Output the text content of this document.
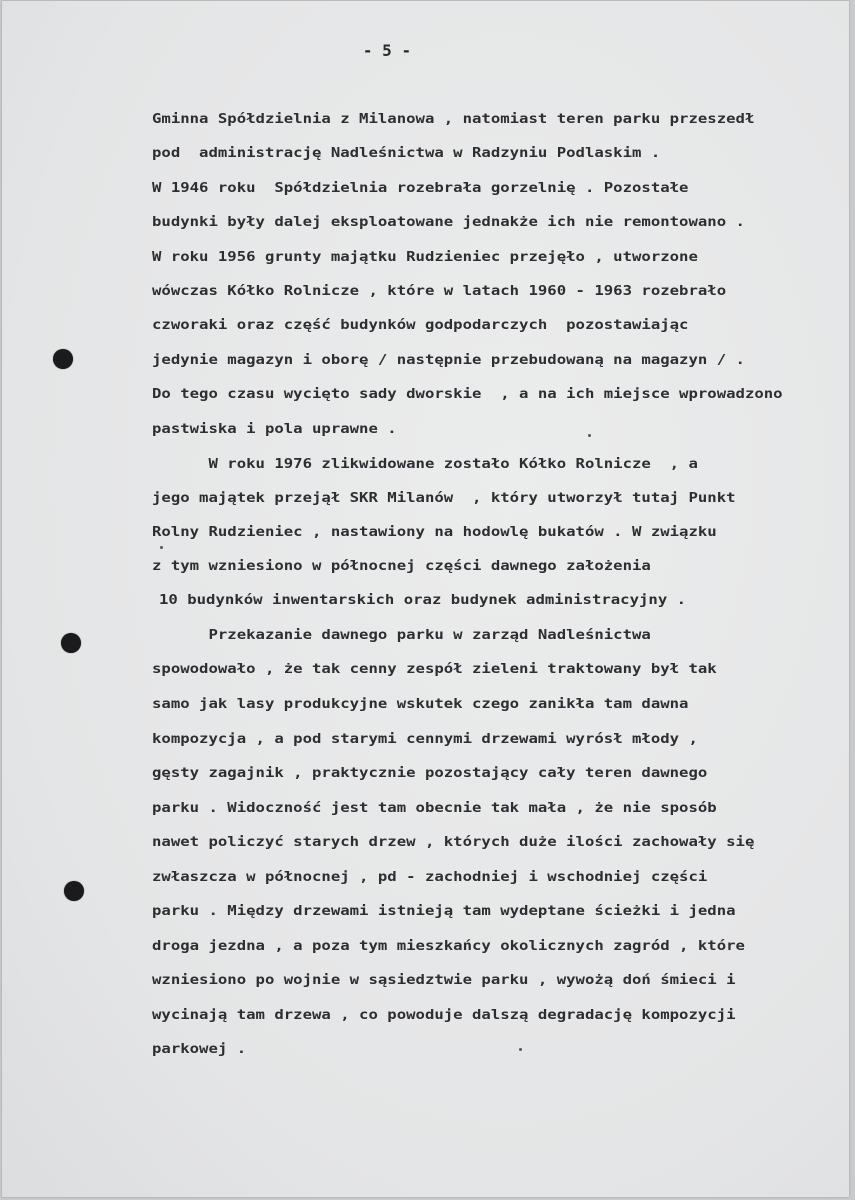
- 5 -
Gminna Spółdzielnia z Milanowa , natomiast teren parku przeszedł
pod  administrację Nadleśnictwa w Radzyniu Podlaskim .
W 1946 roku  Spółdzielnia rozebrała gorzelnię . Pozostałe
budynki były dalej eksploatowane jednakże ich nie remontowano .
W roku 1956 grunty majątku Rudzieniec przejęło , utworzone
wówczas Kółko Rolnicze , które w latach 1960 - 1963 rozebrało
czworaki oraz część budynków godpodarczych  pozostawiając
jedynie magazyn i oborę / następnie przebudowaną na magazyn / .
Do tego czasu wycięto sady dworskie  , a na ich miejsce wprowadzono
pastwiska i pola uprawne .
W roku 1976 zlikwidowane zostało Kółko Rolnicze  , a
jego majątek przejął SKR Milanów  , który utworzył tutaj Punkt
Rolny Rudzieniec , nastawiony na hodowlę bukatów . W związku
z tym wzniesiono w północnej części dawnego założenia
10 budynków inwentarskich oraz budynek administracyjny .
Przekazanie dawnego parku w zarząd Nadleśnictwa
spowodowało , że tak cenny zespół zieleni traktowany był tak
samo jak lasy produkcyjne wskutek czego zanikła tam dawna
kompozycja , a pod starymi cennymi drzewami wyrósł młody ,
gęsty zagajnik , praktycznie pozostający cały teren dawnego
parku . Widoczność jest tam obecnie tak mała , że nie sposób
nawet policzyć starych drzew , których duże ilości zachowały się
zwłaszcza w północnej , pd - zachodniej i wschodniej części
parku . Między drzewami istnieją tam wydeptane ścieżki i jedna
droga jezdna , a poza tym mieszkańcy okolicznych zagród , które
wzniesiono po wojnie w sąsiedztwie parku , wywożą doń śmieci i
wycinają tam drzewa , co powoduje dalszą degradację kompozycji
parkowej .
